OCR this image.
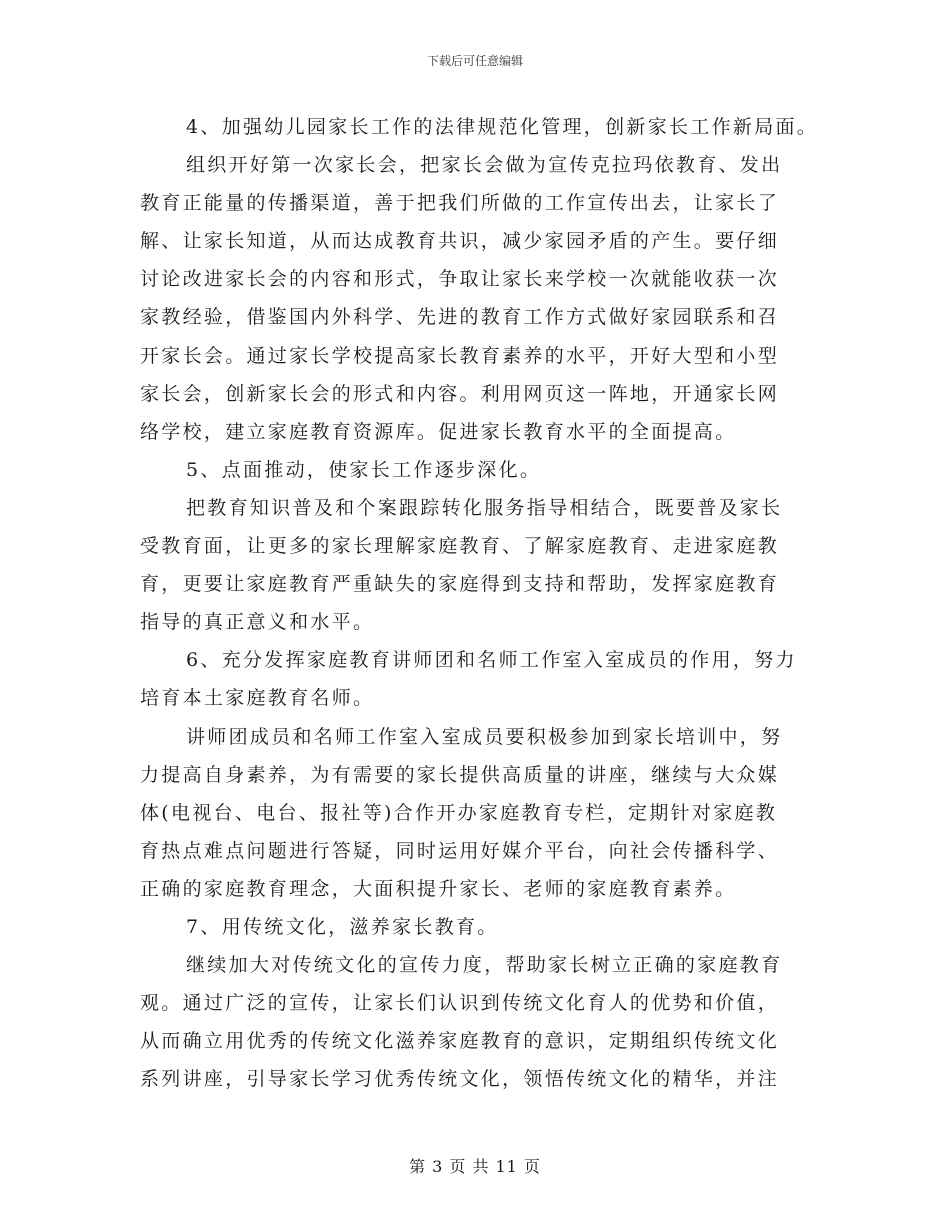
下载后可任意编辑
4、加强幼儿园家长工作的法律规范化管理，创新家长工作新局面。
组织开好第一次家长会，把家长会做为宣传克拉玛依教育、发出
教育正能量的传播渠道，善于把我们所做的工作宣传出去，让家长了
解、让家长知道，从而达成教育共识，减少家园矛盾的产生。要仔细
讨论改进家长会的内容和形式，争取让家长来学校一次就能收获一次
家教经验，借鉴国内外科学、先进的教育工作方式做好家园联系和召
开家长会。通过家长学校提高家长教育素养的水平，开好大型和小型
家长会，创新家长会的形式和内容。利用网页这一阵地，开通家长网
络学校，建立家庭教育资源库。促进家长教育水平的全面提高。
5、点面推动，使家长工作逐步深化。
把教育知识普及和个案跟踪转化服务指导相结合，既要普及家长
受教育面，让更多的家长理解家庭教育、了解家庭教育、走进家庭教
育，更要让家庭教育严重缺失的家庭得到支持和帮助，发挥家庭教育
指导的真正意义和水平。
6、充分发挥家庭教育讲师团和名师工作室入室成员的作用，努力
培育本土家庭教育名师。
讲师团成员和名师工作室入室成员要积极参加到家长培训中，努
力提高自身素养，为有需要的家长提供高质量的讲座，继续与大众媒
体(电视台、电台、报社等)合作开办家庭教育专栏，定期针对家庭教
育热点难点问题进行答疑，同时运用好媒介平台，向社会传播科学、
正确的家庭教育理念，大面积提升家长、老师的家庭教育素养。
7、用传统文化，滋养家长教育。
继续加大对传统文化的宣传力度，帮助家长树立正确的家庭教育
观。通过广泛的宣传，让家长们认识到传统文化育人的优势和价值，
从而确立用优秀的传统文化滋养家庭教育的意识，定期组织传统文化
系列讲座，引导家长学习优秀传统文化，领悟传统文化的精华，并注
第 3 页 共 11 页
